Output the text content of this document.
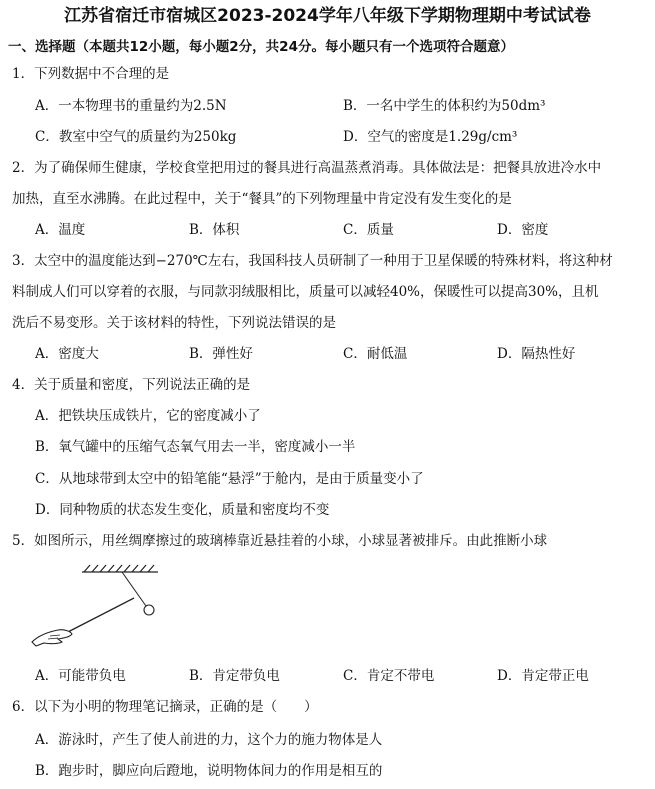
江苏省宿迁市宿城区2023-2024学年八年级下学期物理期中考试试卷
一、选择题（本题共12小题，每小题2分，共24分。每小题只有一个选项符合题意）
1．下列数据中不合理的是
A．一本物理书的重量约为2.5N	B．一名中学生的体积约为50dm³
C．教室中空气的质量约为250kg	D．空气的密度是1.29g/cm³
2．为了确保师生健康，学校食堂把用过的餐具进行高温蒸煮消毒。具体做法是：把餐具放进冷水中
加热，直至水沸腾。在此过程中，关于“餐具”的下列物理量中肯定没有发生变化的是
A．温度	B．体积	C．质量	D．密度
3．太空中的温度能达到−270℃左右，我国科技人员研制了一种用于卫星保暖的特殊材料，将这种材
料制成人们可以穿着的衣服，与同款羽绒服相比，质量可以减轻40%，保暖性可以提高30%，且机
洗后不易变形。关于该材料的特性，下列说法错误的是
A．密度大	B．弹性好	C．耐低温	D．隔热性好
4．关于质量和密度，下列说法正确的是
A．把铁块压成铁片，它的密度减小了
B．氧气罐中的压缩气态氧气用去一半，密度减小一半
C．从地球带到太空中的铅笔能“悬浮”于舱内，是由于质量变小了
D．同种物质的状态发生变化，质量和密度均不变
5．如图所示，用丝绸摩擦过的玻璃棒靠近悬挂着的小球，小球显著被排斥。由此推断小球
A．可能带负电	B．肯定带负电	C．肯定不带电	D．肯定带正电
6．以下为小明的物理笔记摘录，正确的是（　　）
A．游泳时，产生了使人前进的力，这个力的施力物体是人
B．跑步时，脚应向后蹬地，说明物体间力的作用是相互的
